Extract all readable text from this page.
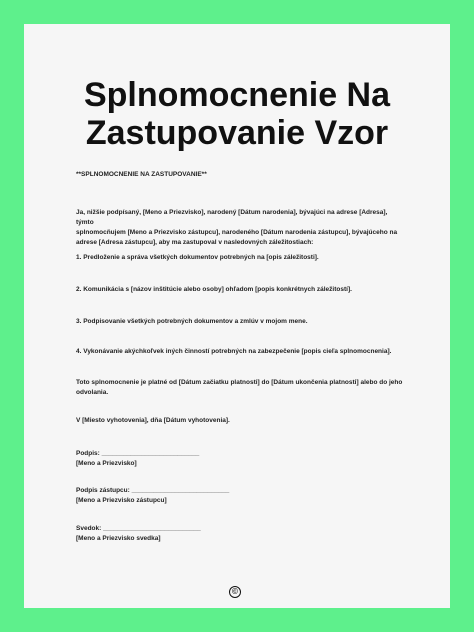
Splnomocnenie Na
Zastupovanie Vzor

**SPLNOMOCNENIE NA ZASTUPOVANIE**

Ja, nižšie podpísaný, [Meno a Priezvisko], narodený [Dátum narodenia], bývajúci na adrese [Adresa], týmto
splnomocňujem [Meno a Priezvisko zástupcu], narodeného [Dátum narodenia zástupcu], bývajúceho na
adrese [Adresa zástupcu], aby ma zastupoval v nasledovných záležitostiach:

1. Predloženie a správa všetkých dokumentov potrebných na [opis záležitosti].

2. Komunikácia s [názov inštitúcie alebo osoby] ohľadom [popis konkrétnych záležitostí].

3. Podpisovanie všetkých potrebných dokumentov a zmlúv v mojom mene.

4. Vykonávanie akýchkoľvek iných činností potrebných na zabezpečenie [popis cieľa splnomocnenia].

Toto splnomocnenie je platné od [Dátum začiatku platnosti] do [Dátum ukončenia platnosti] alebo do jeho
odvolania.

V [Miesto vyhotovenia], dňa [Dátum vyhotovenia].

Podpis: ___________________________
[Meno a Priezvisko]

Podpis zástupcu: ___________________________
[Meno a Priezvisko zástupcu]

Svedok: ___________________________
[Meno a Priezvisko svedka]

©
